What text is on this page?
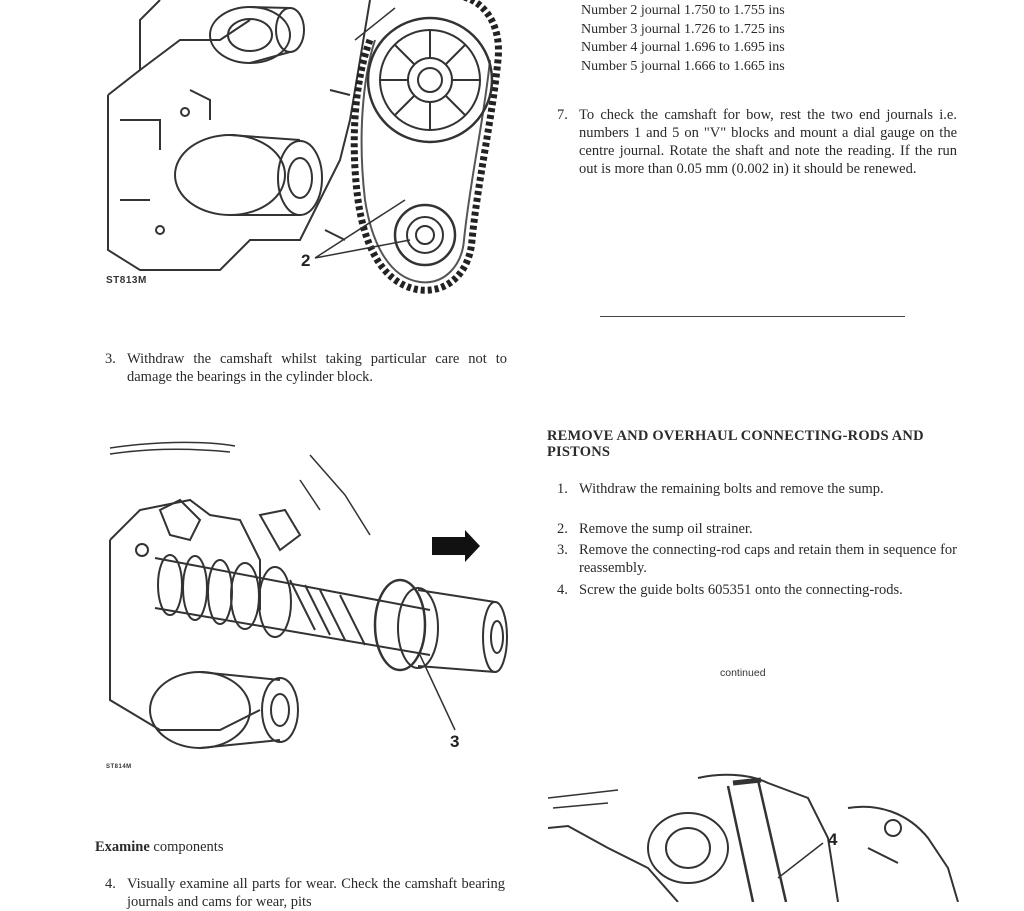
ST813M
2
Number 2 journal 1.750 to 1.755 ins
Number 3 journal 1.726 to 1.725 ins
Number 4 journal 1.696 to 1.695 ins
Number 5 journal 1.666 to 1.665 ins
7. To check the camshaft for bow, rest the two end journals i.e. numbers 1 and 5 on "V" blocks and mount a dial gauge on the centre journal. Rotate the shaft and note the reading. If the run out is more than 0.05 mm (0.002 in) it should be renewed.
3. Withdraw the camshaft whilst taking particular care not to damage the bearings in the cylinder block.
ST814M
3
REMOVE AND OVERHAUL CONNECTING-RODS AND PISTONS
1. Withdraw the remaining bolts and remove the sump.
2. Remove the sump oil strainer.
3. Remove the connecting-rod caps and retain them in sequence for reassembly.
4. Screw the guide bolts 605351 onto the connecting-rods.
continued
Examine components
4. Visually examine all parts for wear. Check the camshaft bearing journals and cams for wear, pits
4
